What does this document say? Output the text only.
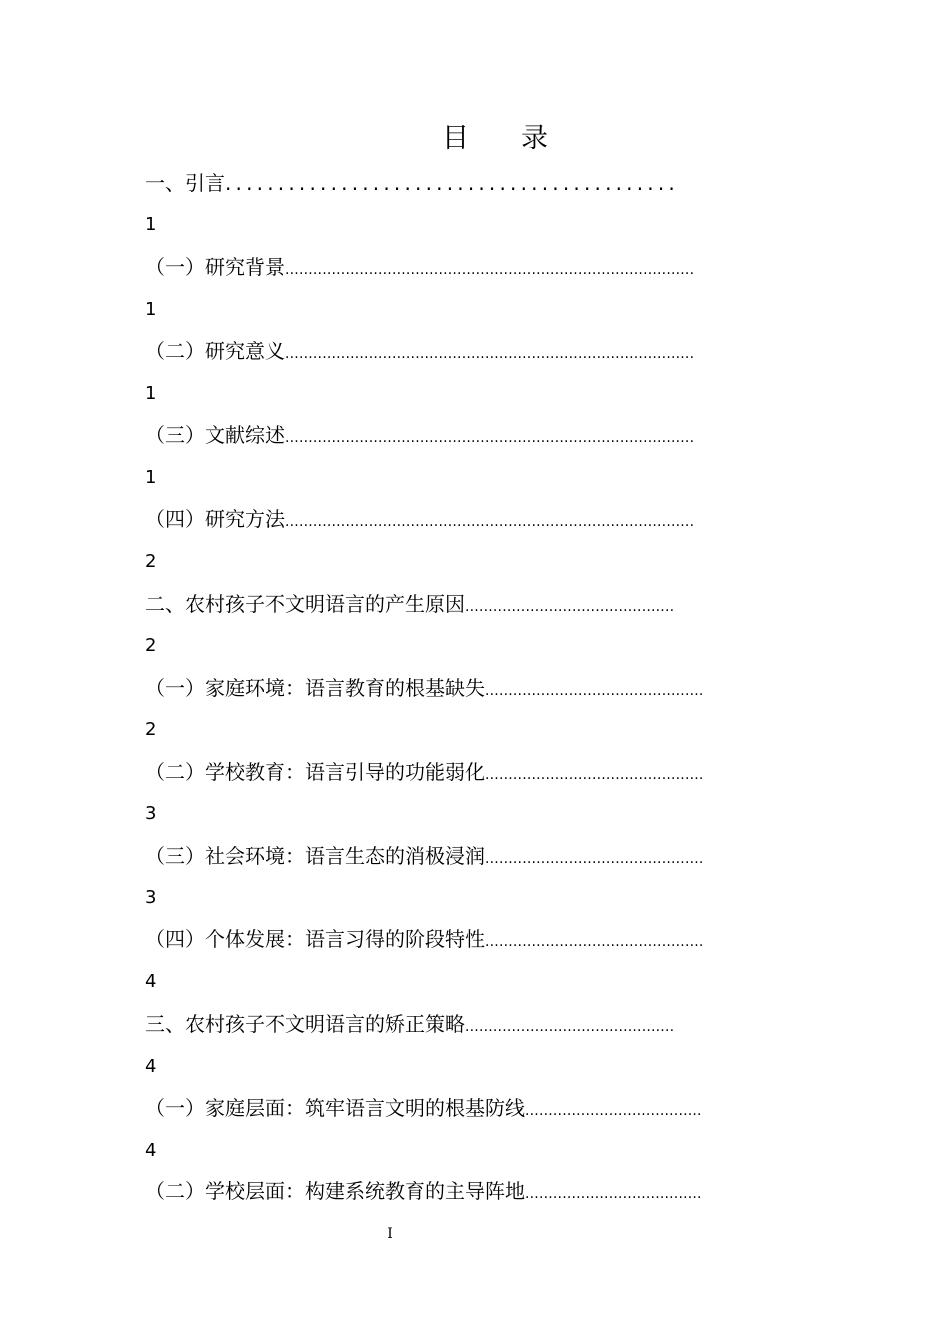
目 录
一、引言...........................................
1
（一）研究背景........................................................................................
1
（二）研究意义........................................................................................
1
（三）文献综述........................................................................................
1
（四）研究方法........................................................................................
2
二、农村孩子不文明语言的产生原因.............................................
2
（一）家庭环境：语言教育的根基缺失...............................................
2
（二）学校教育：语言引导的功能弱化...............................................
3
（三）社会环境：语言生态的消极浸润...............................................
3
（四）个体发展：语言习得的阶段特性...............................................
4
三、农村孩子不文明语言的矫正策略.............................................
4
（一）家庭层面：筑牢语言文明的根基防线......................................
4
（二）学校层面：构建系统教育的主导阵地......................................
I
